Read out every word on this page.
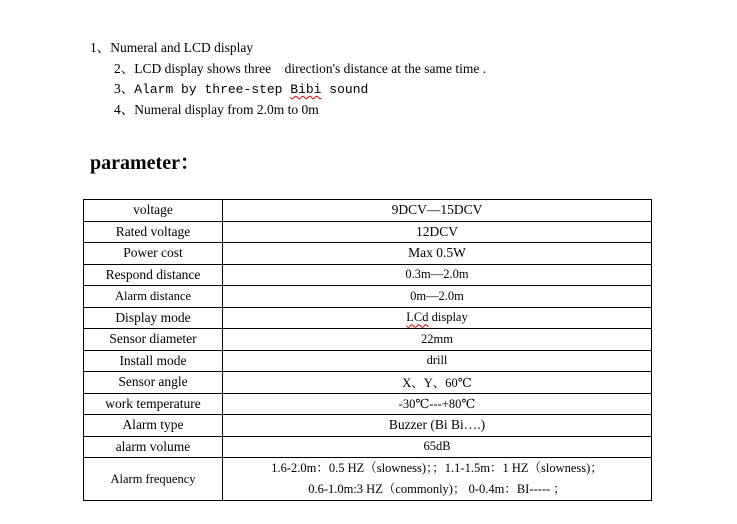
1、Numeral and LCD display
2、LCD display shows three    direction's distance at the same time .
3、Alarm by three-step Bibi sound
4、Numeral display from 2.0m to 0m
parameter：
voltage	9DCV—15DCV
Rated voltage	12DCV
Power cost	Max 0.5W
Respond distance	0.3m—2.0m
Alarm distance	0m—2.0m
Display mode	LCd display
Sensor diameter	22mm
Install mode	drill
Sensor angle	X、Y、60℃
work temperature	-30℃---+80℃
Alarm type	Buzzer (Bi Bi….)
alarm volume	65dB
Alarm frequency	1.6-2.0m：0.5 HZ（slowness)；；1.1-1.5m：1 HZ（slowness)；
0.6-1.0m:3 HZ（commonly)； 0-0.4m：BI----- ；
